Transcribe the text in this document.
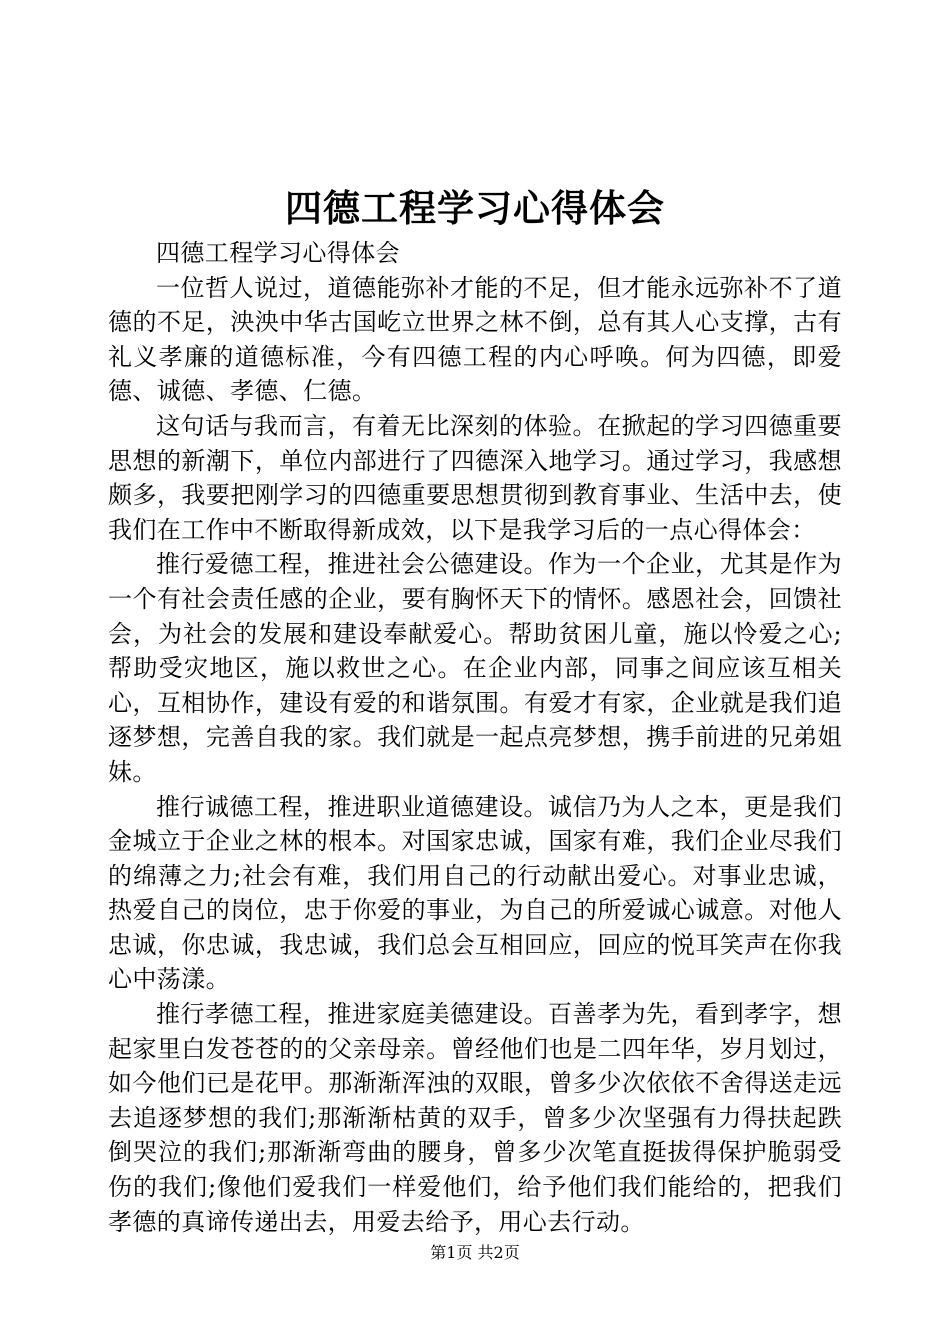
四德工程学习心得体会

四德工程学习心得体会

一位哲人说过，道德能弥补才能的不足，但才能永远弥补不了道德的不足，泱泱中华古国屹立世界之林不倒，总有其人心支撑，古有礼义孝廉的道德标准，今有四德工程的内心呼唤。何为四德，即爱德、诚德、孝德、仁德。

这句话与我而言，有着无比深刻的体验。在掀起的学习四德重要思想的新潮下，单位内部进行了四德深入地学习。通过学习，我感想颇多，我要把刚学习的四德重要思想贯彻到教育事业、生活中去，使我们在工作中不断取得新成效，以下是我学习后的一点心得体会：

推行爱德工程，推进社会公德建设。作为一个企业，尤其是作为一个有社会责任感的企业，要有胸怀天下的情怀。感恩社会，回馈社会，为社会的发展和建设奉献爱心。帮助贫困儿童，施以怜爱之心;帮助受灾地区，施以救世之心。在企业内部，同事之间应该互相关心，互相协作，建设有爱的和谐氛围。有爱才有家，企业就是我们追逐梦想，完善自我的家。我们就是一起点亮梦想，携手前进的兄弟姐妹。

推行诚德工程，推进职业道德建设。诚信乃为人之本，更是我们金城立于企业之林的根本。对国家忠诚，国家有难，我们企业尽我们的绵薄之力;社会有难，我们用自己的行动献出爱心。对事业忠诚，热爱自己的岗位，忠于你爱的事业，为自己的所爱诚心诚意。对他人忠诚，你忠诚，我忠诚，我们总会互相回应，回应的悦耳笑声在你我心中荡漾。

推行孝德工程，推进家庭美德建设。百善孝为先，看到孝字，想起家里白发苍苍的的父亲母亲。曾经他们也是二四年华，岁月划过，如今他们已是花甲。那渐渐浑浊的双眼，曾多少次依依不舍得送走远去追逐梦想的我们;那渐渐枯黄的双手，曾多少次坚强有力得扶起跌倒哭泣的我们;那渐渐弯曲的腰身，曾多少次笔直挺拔得保护脆弱受伤的我们;像他们爱我们一样爱他们，给予他们我们能给的，把我们孝德的真谛传递出去，用爱去给予，用心去行动。

第1页 共2页
